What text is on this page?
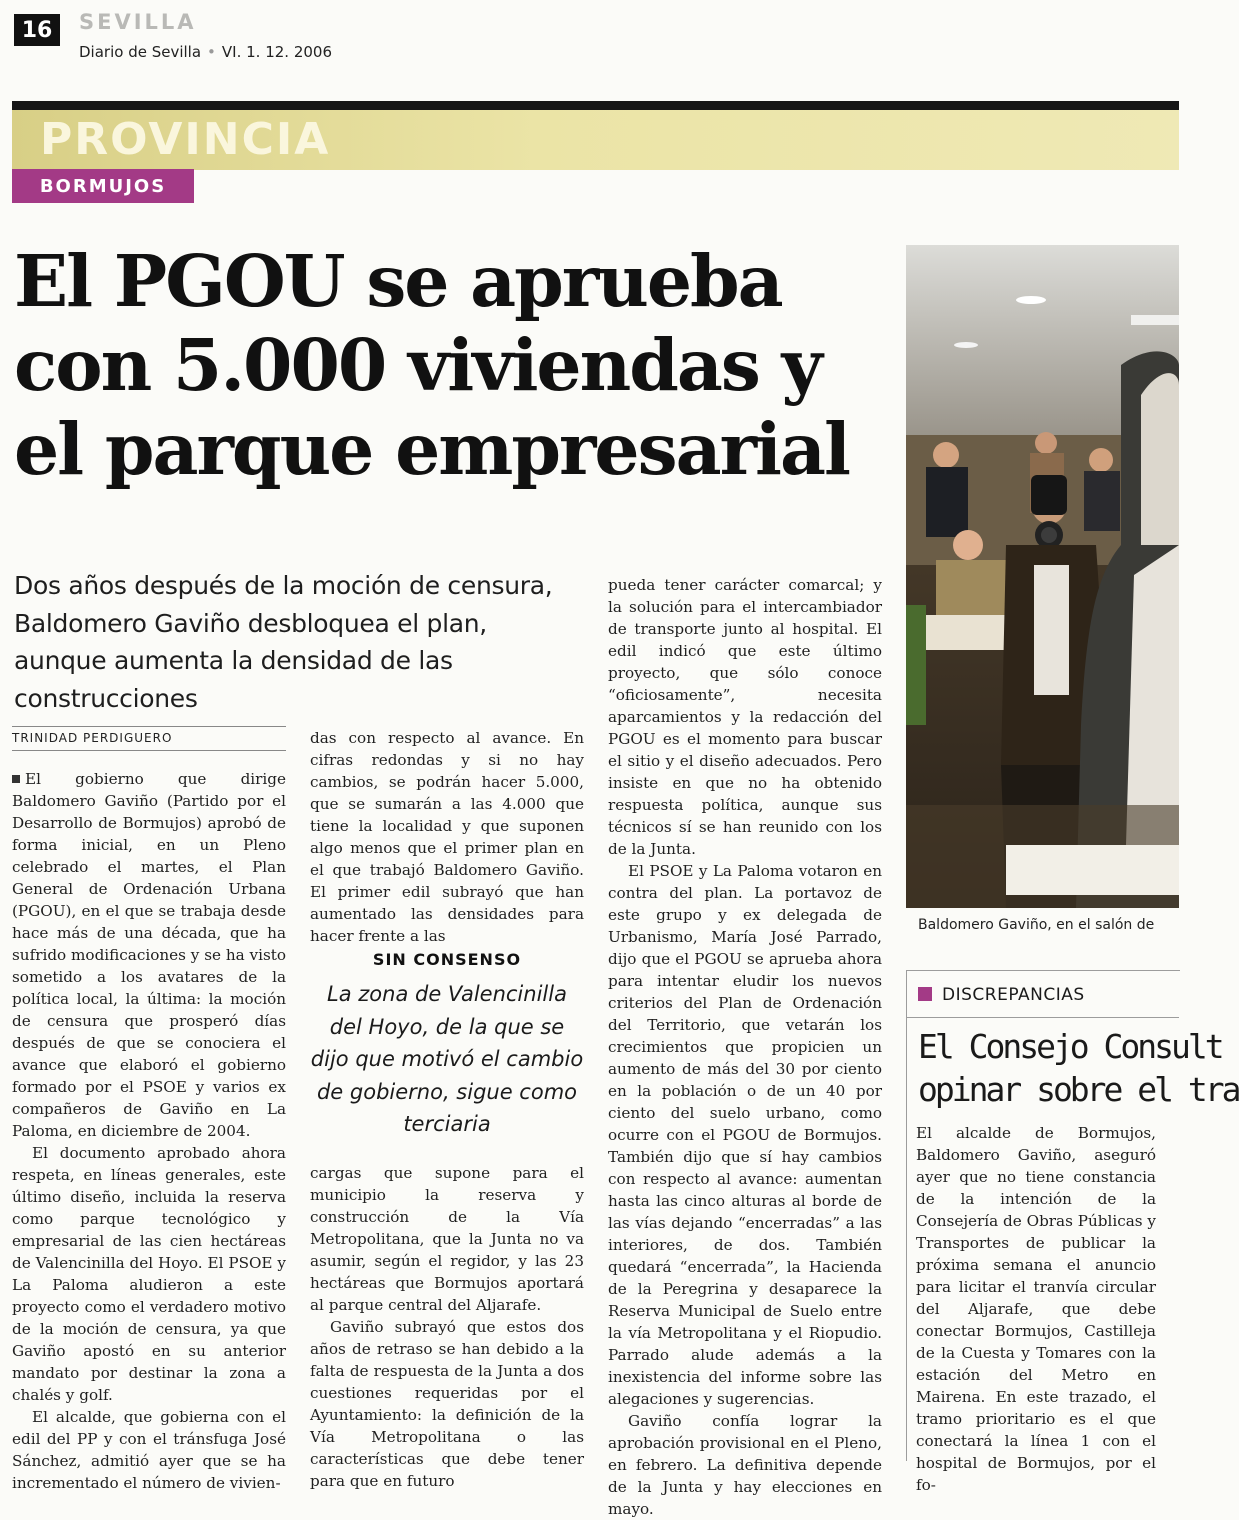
16	SEVILLA
Diario de Sevilla • VI. 1. 12. 2006
PROVINCIA
BORMUJOS
El PGOU se aprueba con 5.000 viviendas y el parque empresarial

Dos años después de la moción de censura, Baldomero Gaviño desbloquea el plan, aunque aumenta la densidad de las construcciones

TRINIDAD PERDIGUERO

El gobierno que dirige Baldomero Gaviño (Partido por el Desarrollo de Bormujos) aprobó de forma inicial, en un Pleno celebrado el martes, el Plan General de Ordenación Urbana (PGOU), en el que se trabaja desde hace más de una década, que ha sufrido modificaciones y se ha visto sometido a los avatares de la política local, la última: la moción de censura que prosperó días después de que se conociera el avance que elaboró el gobierno formado por el PSOE y varios ex compañeros de Gaviño en La Paloma, en diciembre de 2004.

El documento aprobado ahora respeta, en líneas generales, este último diseño, incluida la reserva como parque tecnológico y empresarial de las cien hectáreas de Valencinilla del Hoyo. El PSOE y La Paloma aludieron a este proyecto como el verdadero motivo de la moción de censura, ya que Gaviño apostó en su anterior mandato por destinar la zona a chalés y golf.

El alcalde, que gobierna con el edil del PP y con el tránsfuga José Sánchez, admitió ayer que se ha incrementado el número de vivien-

das con respecto al avance. En cifras redondas y si no hay cambios, se podrán hacer 5.000, que se sumarán a las 4.000 que tiene la localidad y que suponen algo menos que el primer plan en el que trabajó Baldomero Gaviño. El primer edil subrayó que han aumentado las densidades para hacer frente a las

SIN CONSENSO

La zona de Valencinilla del Hoyo, de la que se dijo que motivó el cambio de gobierno, sigue como terciaria

cargas que supone para el municipio la reserva y construcción de la Vía Metropolitana, que la Junta no va asumir, según el regidor, y las 23 hectáreas que Bormujos aportará al parque central del Aljarafe.

Gaviño subrayó que estos dos años de retraso se han debido a la falta de respuesta de la Junta a dos cuestiones requeridas por el Ayuntamiento: la definición de la Vía Metropolitana o las características que debe tener para que en futuro

pueda tener carácter comarcal; y la solución para el intercambiador de transporte junto al hospital. El edil indicó que este último proyecto, que sólo conoce “oficiosamente”, necesita aparcamientos y la redacción del PGOU es el momento para buscar el sitio y el diseño adecuados. Pero insiste en que no ha obtenido respuesta política, aunque sus técnicos sí se han reunido con los de la Junta.

El PSOE y La Paloma votaron en contra del plan. La portavoz de este grupo y ex delegada de Urbanismo, María José Parrado, dijo que el PGOU se aprueba ahora para intentar eludir los nuevos criterios del Plan de Ordenación del Territorio, que vetarán los crecimientos que propicien un aumento de más del 30 por ciento en la población o de un 40 por ciento del suelo urbano, como ocurre con el PGOU de Bormujos. También dijo que sí hay cambios con respecto al avance: aumentan hasta las cinco alturas al borde de las vías dejando “encerradas” a las interiores, de dos. También quedará “encerrada”, la Hacienda de la Peregrina y desaparece la Reserva Municipal de Suelo entre la vía Metropolitana y el Riopudio. Parrado alude además a la inexistencia del informe sobre las alegaciones y sugerencias.

Gaviño confía lograr la aprobación provisional en el Pleno, en febrero. La definitiva depende de la Junta y hay elecciones en mayo.

Baldomero Gaviño, en el salón de
DISCREPANCIAS
El Consejo Consult
opinar sobre el tra

El alcalde de Bormujos, Baldomero Gaviño, aseguró ayer que no tiene constancia de la intención de la Consejería de Obras Públicas y Transportes de publicar la próxima semana el anuncio para licitar el tranvía circular del Aljarafe, que debe conectar Bormujos, Castilleja de la Cuesta y Tomares con la estación del Metro en Mairena. En este trazado, el tramo prioritario es el que conectará la línea 1 con el hospital de Bormujos, por el fo-
